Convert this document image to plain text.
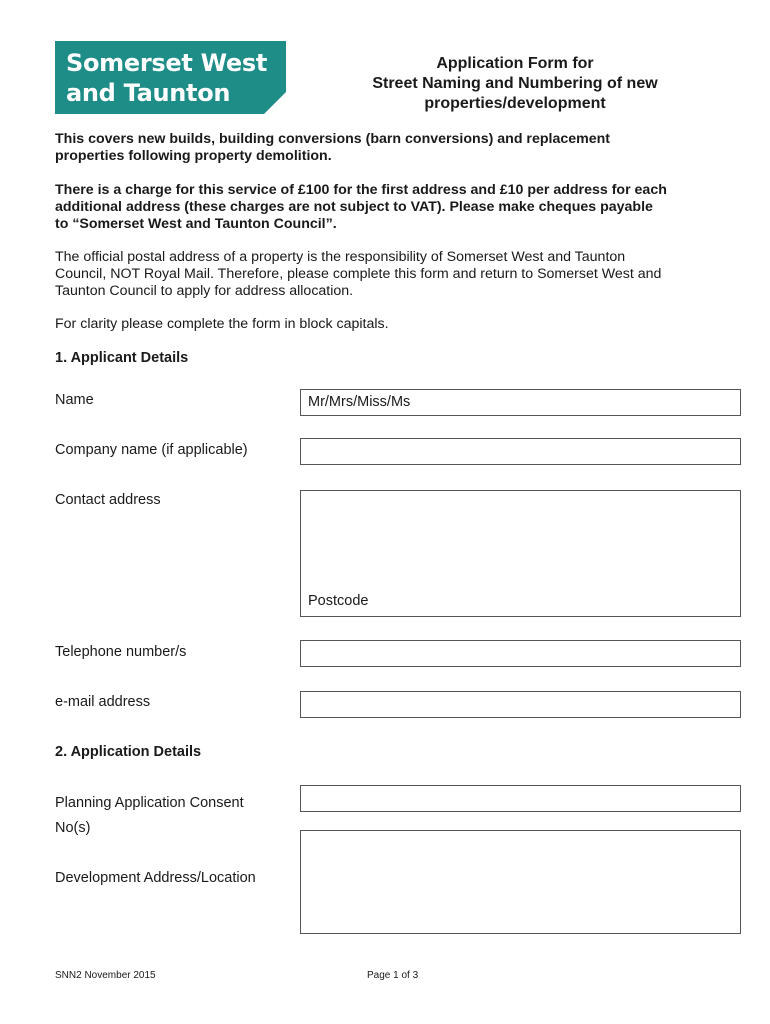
Somerset West
and Taunton
Application Form for
Street Naming and Numbering of new
properties/development
This covers new builds, building conversions (barn conversions) and replacement
properties following property demolition.
There is a charge for this service of £100 for the first address and £10 per address for each
additional address (these charges are not subject to VAT). Please make cheques payable
to “Somerset West and Taunton Council”.
The official postal address of a property is the responsibility of Somerset West and Taunton
Council, NOT Royal Mail. Therefore, please complete this form and return to Somerset West and
Taunton Council to apply for address allocation.
For clarity please complete the form in block capitals.
1. Applicant Details
Name	Mr/Mrs/Miss/Ms
Company name (if applicable)
Contact address
Postcode
Telephone number/s
e-mail address
2. Application Details
Planning Application Consent
No(s)
Development Address/Location
SNN2 November 2015	Page 1 of 3
